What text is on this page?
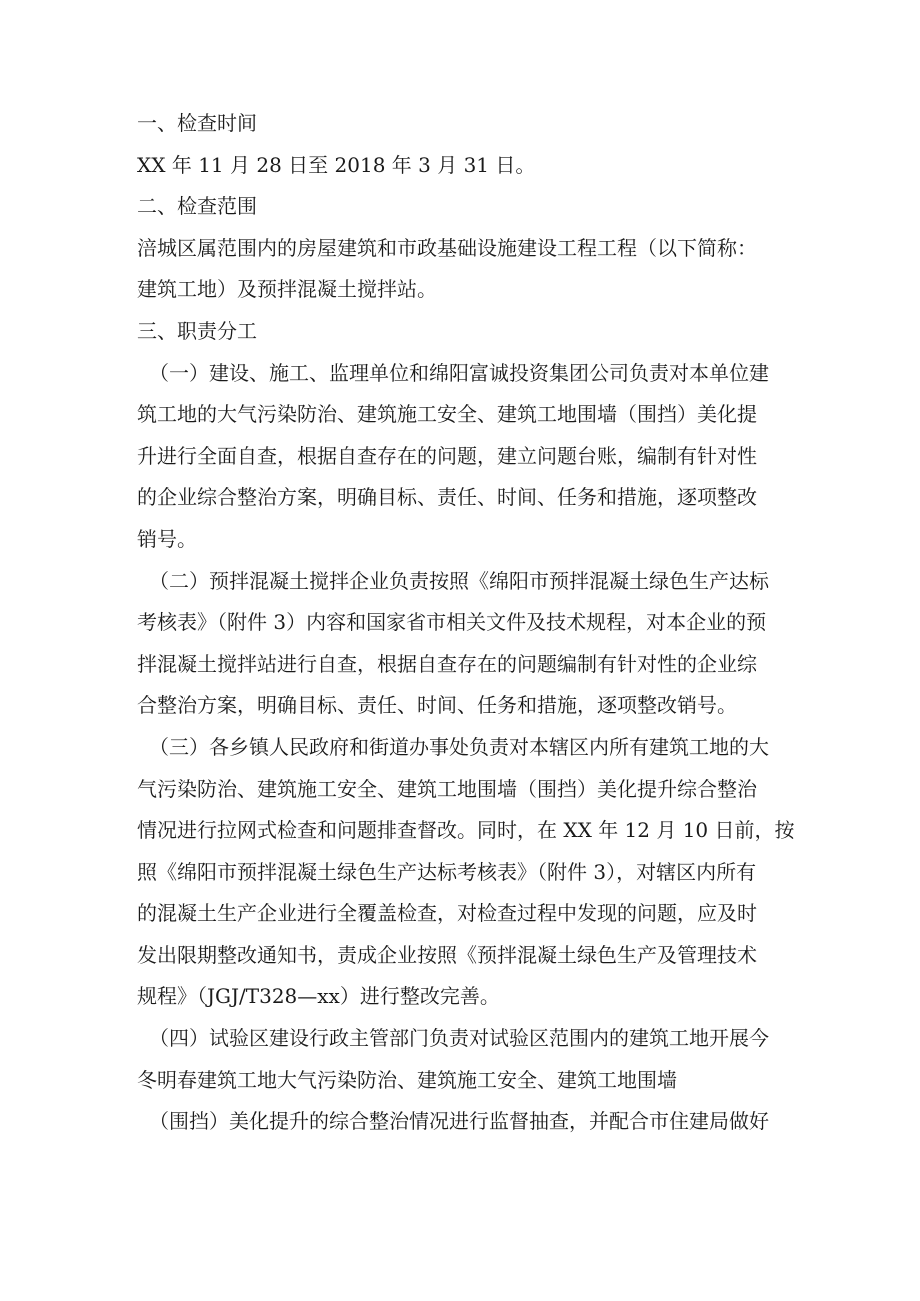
一、检查时间
XX 年 11 月 28 日至 2018 年 3 月 31 日。
二、检查范围
涪城区属范围内的房屋建筑和市政基础设施建设工程工程（以下简称：
建筑工地）及预拌混凝土搅拌站。
三、职责分工
（一）建设、施工、监理单位和绵阳富诚投资集团公司负责对本单位建
筑工地的大气污染防治、建筑施工安全、建筑工地围墙（围挡）美化提
升进行全面自查，根据自查存在的问题，建立问题台账，编制有针对性
的企业综合整治方案，明确目标、责任、时间、任务和措施，逐项整改
销号。
（二）预拌混凝土搅拌企业负责按照《绵阳市预拌混凝土绿色生产达标
考核表》（附件 3）内容和国家省市相关文件及技术规程，对本企业的预
拌混凝土搅拌站进行自查，根据自查存在的问题编制有针对性的企业综
合整治方案，明确目标、责任、时间、任务和措施，逐项整改销号。
（三）各乡镇人民政府和街道办事处负责对本辖区内所有建筑工地的大
气污染防治、建筑施工安全、建筑工地围墙（围挡）美化提升综合整治
情况进行拉网式检查和问题排查督改。同时，在 XX 年 12 月 10 日前，按
照《绵阳市预拌混凝土绿色生产达标考核表》（附件 3），对辖区内所有
的混凝土生产企业进行全覆盖检查，对检查过程中发现的问题，应及时
发出限期整改通知书，责成企业按照《预拌混凝土绿色生产及管理技术
规程》（JGJ/T328—xx）进行整改完善。
（四）试验区建设行政主管部门负责对试验区范围内的建筑工地开展今
冬明春建筑工地大气污染防治、建筑施工安全、建筑工地围墙
（围挡）美化提升的综合整治情况进行监督抽查，并配合市住建局做好
